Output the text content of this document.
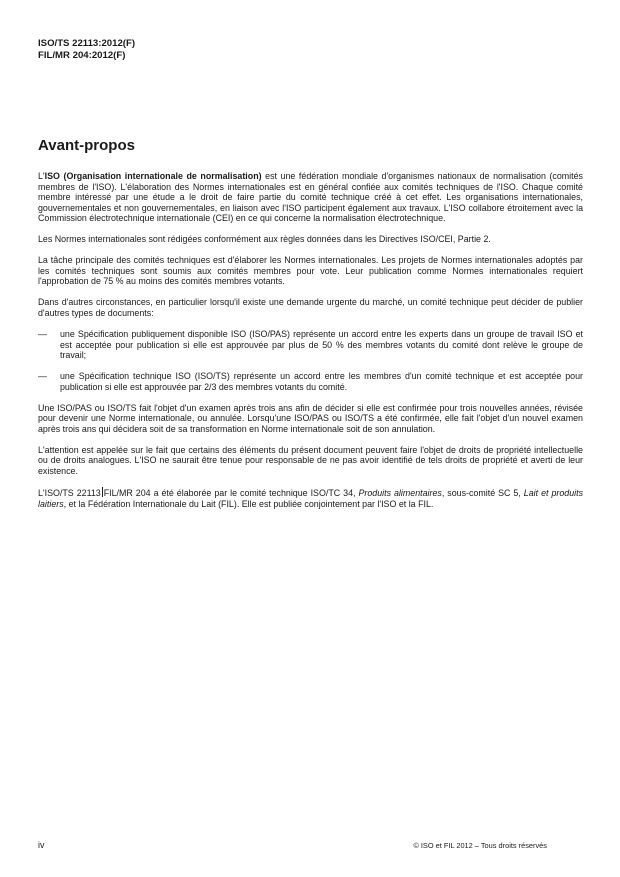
ISO/TS 22113:2012(F)
FIL/MR 204:2012(F)
Avant-propos

L'ISO (Organisation internationale de normalisation) est une fédération mondiale d'organismes nationaux de normalisation (comités membres de l'ISO). L'élaboration des Normes internationales est en général confiée aux comités techniques de l'ISO. Chaque comité membre intéressé par une étude a le droit de faire partie du comité technique créé à cet effet. Les organisations internationales, gouvernementales et non gouvernementales, en liaison avec l'ISO participent également aux travaux. L'ISO collabore étroitement avec la Commission électrotechnique internationale (CEI) en ce qui concerne la normalisation électrotechnique.

Les Normes internationales sont rédigées conformément aux règles données dans les Directives ISO/CEI, Partie 2.

La tâche principale des comités techniques est d'élaborer les Normes internationales. Les projets de Normes internationales adoptés par les comités techniques sont soumis aux comités membres pour vote. Leur publication comme Normes internationales requiert l'approbation de 75 % au moins des comités membres votants.

Dans d'autres circonstances, en particulier lorsqu'il existe une demande urgente du marché, un comité technique peut décider de publier d'autres types de documents:

— une Spécification publiquement disponible ISO (ISO/PAS) représente un accord entre les experts dans un groupe de travail ISO et est acceptée pour publication si elle est approuvée par plus de 50 % des membres votants du comité dont relève le groupe de travail;
— une Spécification technique ISO (ISO/TS) représente un accord entre les membres d'un comité technique et est acceptée pour publication si elle est approuvée par 2/3 des membres votants du comité.

Une ISO/PAS ou ISO/TS fait l'objet d'un examen après trois ans afin de décider si elle est confirmée pour trois nouvelles années, révisée pour devenir une Norme internationale, ou annulée. Lorsqu'une ISO/PAS ou ISO/TS a été confirmée, elle fait l'objet d'un nouvel examen après trois ans qui décidera soit de sa transformation en Norme internationale soit de son annulation.

L'attention est appelée sur le fait que certains des éléments du présent document peuvent faire l'objet de droits de propriété intellectuelle ou de droits analogues. L'ISO ne saurait être tenue pour responsable de ne pas avoir identifié de tels droits de propriété et averti de leur existence.

L'ISO/TS 22113 FIL/MR 204 a été élaborée par le comité technique ISO/TC 34, Produits alimentaires, sous-comité SC 5, Lait et produits laitiers, et la Fédération Internationale du Lait (FIL). Elle est publiée conjointement par l'ISO et la FIL.

iv	© ISO et FIL 2012 – Tous droits réservés
